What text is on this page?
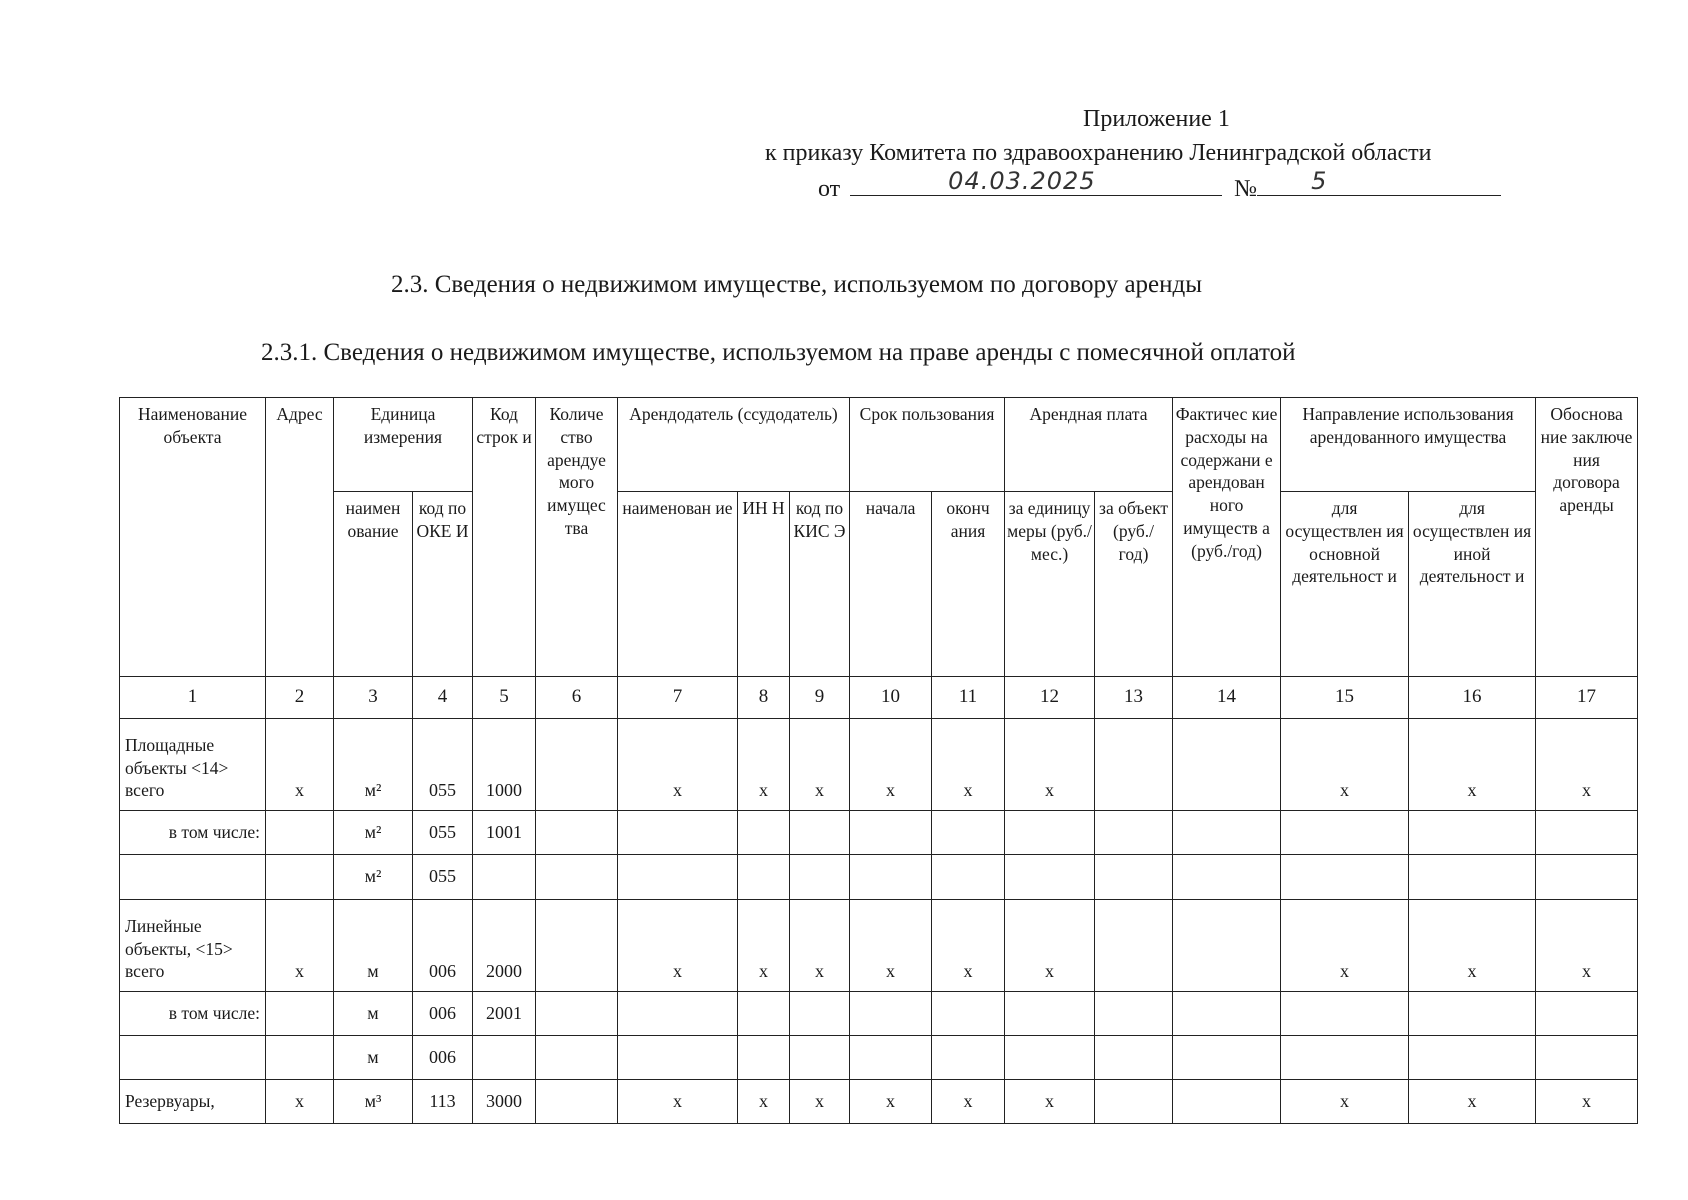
Приложение 1
к приказу Комитета по здравоохранению Ленинградской области
от	04.03.2025	№ 5
2.3. Сведения о недвижимом имуществе, используемом по договору аренды
2.3.1. Сведения о недвижимом имуществе, используемом на праве аренды с помесячной оплатой
Наименование объекта	Адрес	Единица измерения		Код строк и	Количе ство арендуе мого имущес тва	Арендодатель (ссудодатель)			Срок пользования		Арендная плата		Фактичес кие расходы на содержани е арендован ного имуществ а (руб./год)	Направление использования арендованного имущества		Обоснова ние заключе ния договора аренды
		наимен ование	код по ОКЕ И			наименован ие	ИН Н	код по КИС Э	начала	оконч ания	за единицу меры (руб./ мес.)	за объект (руб./ год)		для осуществлен ия основной деятельност и	для осуществлен ия иной деятельност и	
1	2	3	4	5	6	7	8	9	10	11	12	13	14	15	16	17
Площадные объекты <14> всего	х	м²	055	1000		х	х	х	х	х	х			х	х	х
в том числе:		м²	055	1001												
		м²	055													
Линейные объекты, <15> всего	х	м	006	2000		х	х	х	х	х	х			х	х	х
в том числе:		м	006	2001												
		м	006													
Резервуары,	х	м³	113	3000		х	х	х	х	х	х			х	х	х
